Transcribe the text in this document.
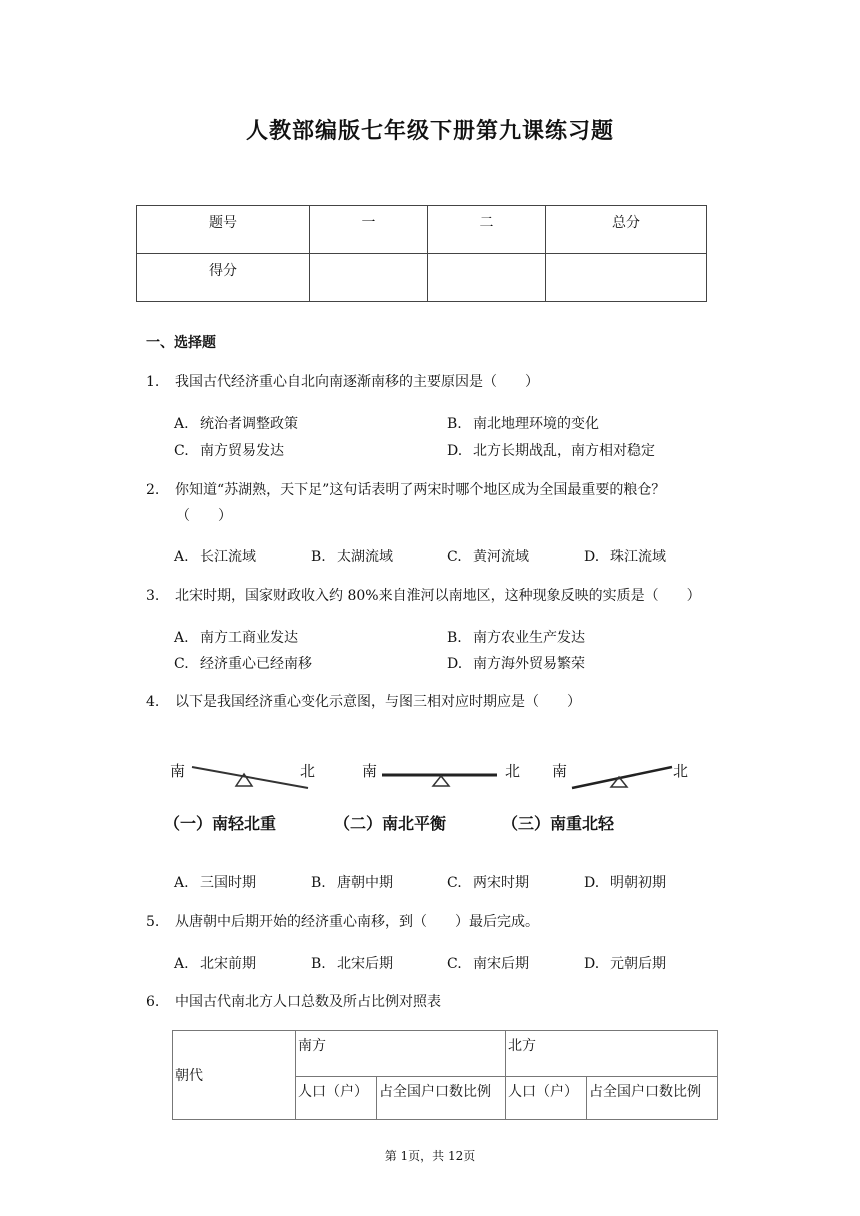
人教部编版七年级下册第九课练习题
题号	一	二	总分
得分			
一、选择题
1. 我国古代经济重心自北向南逐渐南移的主要原因是（　　）
A. 统治者调整政策	B. 南北地理环境的变化
C. 南方贸易发达	D. 北方长期战乱，南方相对稳定
2. 你知道“苏湖熟，天下足”这句话表明了两宋时哪个地区成为全国最重要的粮仓？
（　　）
A. 长江流域	B. 太湖流域	C. 黄河流域	D. 珠江流域
3. 北宋时期，国家财政收入约 80%来自淮河以南地区，这种现象反映的实质是（　　）
A. 南方工商业发达	B. 南方农业生产发达
C. 经济重心已经南移	D. 南方海外贸易繁荣
4. 以下是我国经济重心变化示意图，与图三相对应时期应是（　　）
南	北	南	北 南	北
（一）南轻北重	（二）南北平衡	（三）南重北轻
A. 三国时期	B. 唐朝中期	C. 两宋时期	D. 明朝初期
5. 从唐朝中后期开始的经济重心南移，到（　　）最后完成。
A. 北宋前期	B. 北宋后期	C. 南宋后期	D. 元朝后期
6. 中国古代南北方人口总数及所占比例对照表
朝代	南方		北方	
	人口（户）	占全国户口数比例	人口（户）	占全国户口数比例
第 1页，共 12页
